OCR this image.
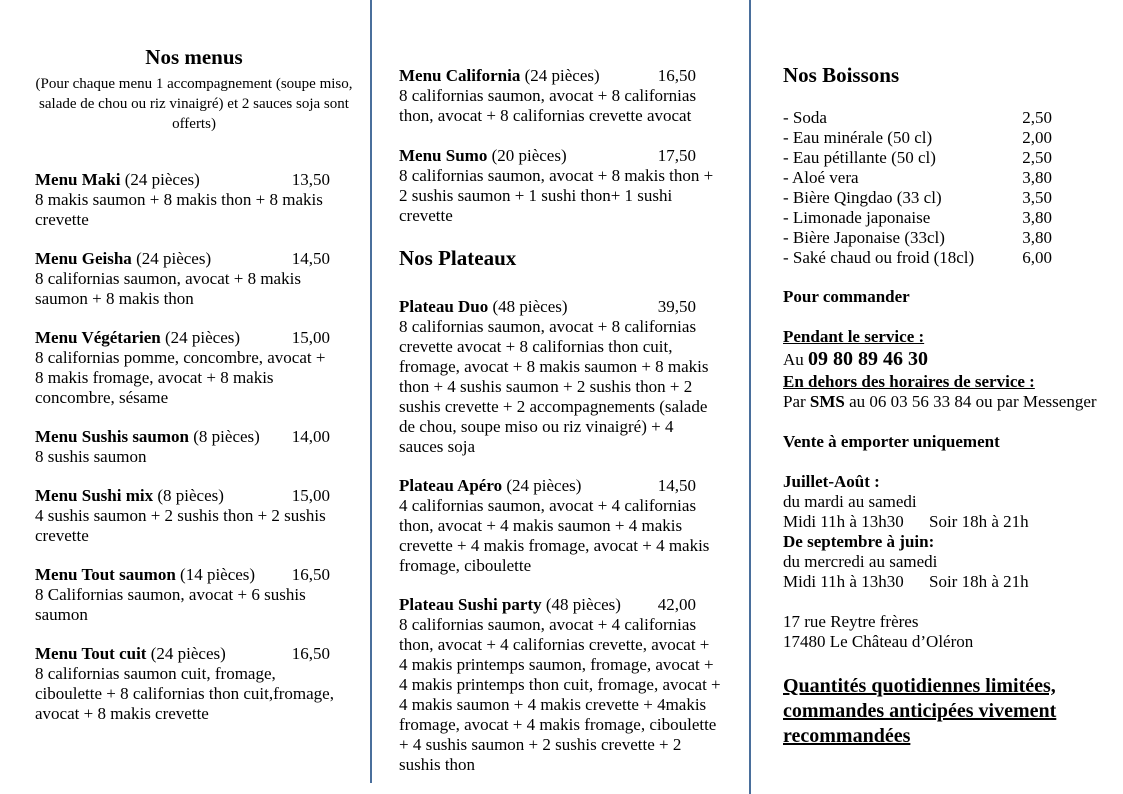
Nos menus
(Pour chaque menu 1 accompagnement (soupe miso, salade de chou ou riz vinaigré) et 2 sauces soja sont offerts)
Menu Maki (24 pièces)	13,50
8 makis saumon + 8 makis thon + 8 makis crevette
Menu Geisha (24 pièces)	14,50
8 californias saumon, avocat + 8 makis saumon + 8 makis thon
Menu Végétarien (24 pièces)	15,00
8 californias pomme, concombre, avocat + 8 makis fromage, avocat + 8 makis concombre, sésame
Menu Sushis saumon (8 pièces) 14,00
8 sushis saumon
Menu Sushi mix (8 pièces)	15,00
4 sushis saumon + 2 sushis thon + 2 sushis crevette
Menu Tout saumon (14 pièces) 16,50
8 Californias saumon, avocat + 6 sushis saumon
Menu Tout cuit (24 pièces)	16,50
8 californias saumon cuit, fromage, ciboulette + 8 californias thon cuit,fromage, avocat + 8 makis crevette
Menu California (24 pièces)	16,50
8 californias saumon, avocat + 8 californias thon, avocat + 8 californias crevette avocat
Menu Sumo (20 pièces)	17,50
8 californias saumon, avocat + 8 makis thon + 2 sushis saumon + 1 sushi thon+ 1 sushi crevette
Nos Plateaux
Plateau Duo (48 pièces)	39,50
8 californias saumon, avocat + 8 californias crevette avocat + 8 californias thon cuit, fromage, avocat + 8 makis saumon + 8 makis thon + 4 sushis saumon + 2 sushis thon + 2 sushis crevette + 2 accompagnements (salade de chou, soupe miso ou riz vinaigré) + 4 sauces soja
Plateau Apéro (24 pièces)	14,50
4 californias saumon, avocat + 4 californias thon, avocat + 4 makis saumon + 4 makis crevette + 4 makis fromage, avocat + 4 makis fromage, ciboulette
Plateau Sushi party (48 pièces) 42,00
8 californias saumon, avocat + 4 californias thon, avocat + 4 californias crevette, avocat + 4 makis printemps saumon, fromage, avocat + 4 makis printemps thon cuit, fromage, avocat + 4 makis saumon + 4 makis crevette + 4makis fromage, avocat + 4 makis fromage, ciboulette + 4 sushis saumon + 2 sushis crevette + 2 sushis thon
Nos Boissons
- Soda	2,50
- Eau minérale (50 cl)	2,00
- Eau pétillante (50 cl)	2,50
- Aloé vera	3,80
- Bière Qingdao (33 cl)	3,50
- Limonade japonaise	3,80
- Bière Japonaise (33cl)	3,80
- Saké chaud ou froid (18cl)	6,00
Pour commander
Pendant le service :
Au 09 80 89 46 30
En dehors des horaires de service :
Par SMS au 06 03 56 33 84 ou par Messenger
Vente à emporter uniquement
Juillet-Août :
du mardi au samedi
Midi 11h à 13h30 Soir 18h à 21h
De septembre à juin:
du mercredi au samedi
Midi 11h à 13h30 Soir 18h à 21h
17 rue Reytre frères
17480 Le Château d’Oléron
Quantités quotidiennes limitées,
commandes anticipées vivement
recommandées
